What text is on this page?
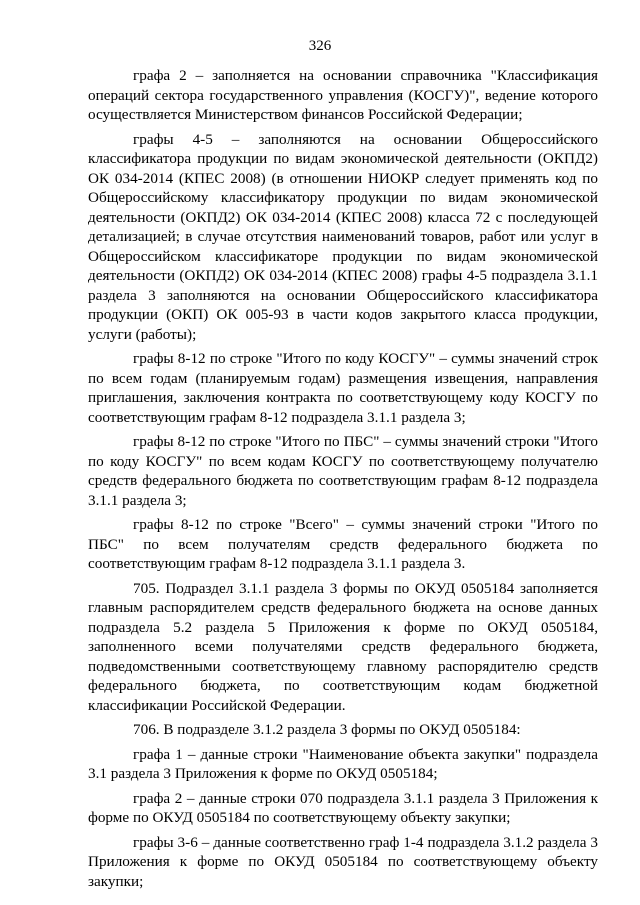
326

графа 2 – заполняется на основании справочника "Классификация операций сектора государственного управления (КОСГУ)", ведение которого осуществляется Министерством финансов Российской Федерации;

графы 4-5 – заполняются на основании Общероссийского классификатора продукции по видам экономической деятельности (ОКПД2) ОК 034-2014 (КПЕС 2008) (в отношении НИОКР следует применять код по Общероссийскому классификатору продукции по видам экономической деятельности (ОКПД2) ОК 034-2014 (КПЕС 2008) класса 72 с последующей детализацией; в случае отсутствия наименований товаров, работ или услуг в Общероссийском классификаторе продукции по видам экономической деятельности (ОКПД2) ОК 034-2014 (КПЕС 2008) графы 4-5 подраздела 3.1.1 раздела 3 заполняются на основании Общероссийского классификатора продукции (ОКП) ОК 005-93 в части кодов закрытого класса продукции, услуги (работы);

графы 8-12 по строке "Итого по коду КОСГУ" – суммы значений строк по всем годам (планируемым годам) размещения извещения, направления приглашения, заключения контракта по соответствующему коду КОСГУ по соответствующим графам 8-12 подраздела 3.1.1 раздела 3;

графы 8-12 по строке "Итого по ПБС" – суммы значений строки "Итого по коду КОСГУ" по всем кодам КОСГУ по соответствующему получателю средств федерального бюджета по соответствующим графам 8-12 подраздела 3.1.1 раздела 3;

графы 8-12 по строке "Всего" – суммы значений строки "Итого по ПБС" по всем получателям средств федерального бюджета по соответствующим графам 8-12 подраздела 3.1.1 раздела 3.

705. Подраздел 3.1.1 раздела 3 формы по ОКУД 0505184 заполняется главным распорядителем средств федерального бюджета на основе данных подраздела 5.2 раздела 5 Приложения к форме по ОКУД 0505184, заполненного всеми получателями средств федерального бюджета, подведомственными соответствующему главному распорядителю средств федерального бюджета, по соответствующим кодам бюджетной классификации Российской Федерации.

706. В подразделе 3.1.2 раздела 3 формы по ОКУД 0505184:

графа 1 – данные строки "Наименование объекта закупки" подраздела 3.1 раздела 3 Приложения к форме по ОКУД 0505184;

графа 2 – данные строки 070 подраздела 3.1.1 раздела 3 Приложения к форме по ОКУД 0505184 по соответствующему объекту закупки;

графы 3-6 – данные соответственно граф 1-4 подраздела 3.1.2 раздела 3 Приложения к форме по ОКУД 0505184 по соответствующему объекту закупки;
